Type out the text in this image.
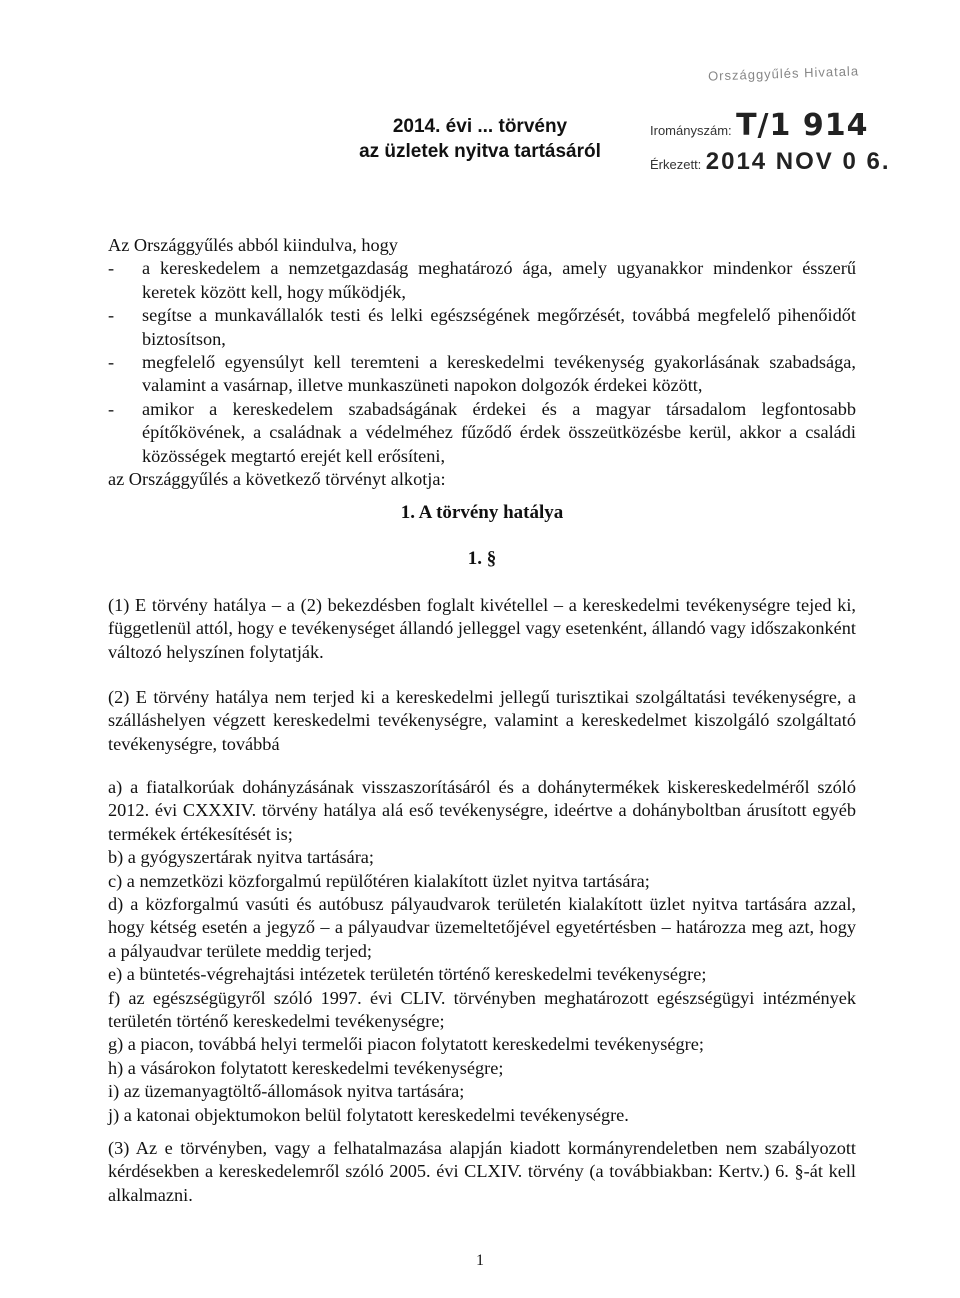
Országgyűlés Hivatala
Irományszám: T/1 914
Érkezett: 2014 NOV 0 6.
2014. évi ... törvény
az üzletek nyitva tartásáról
Az Országgyűlés abból kiindulva, hogy
- a kereskedelem a nemzetgazdaság meghatározó ága, amely ugyanakkor mindenkor ésszerű keretek között kell, hogy működjék,
- segítse a munkavállalók testi és lelki egészségének megőrzését, továbbá megfelelő pihenőidőt biztosítson,
- megfelelő egyensúlyt kell teremteni a kereskedelmi tevékenység gyakorlásának szabadsága, valamint a vasárnap, illetve munkaszüneti napokon dolgozók érdekei között,
- amikor a kereskedelem szabadságának érdekei és a magyar társadalom legfontosabb építőkövének, a családnak a védelméhez fűződő érdek összeütközésbe kerül, akkor a családi közösségek megtartó erejét kell erősíteni,
az Országgyűlés a következő törvényt alkotja:
1. A törvény hatálya
1. §
(1) E törvény hatálya – a (2) bekezdésben foglalt kivétellel – a kereskedelmi tevékenységre tejed ki, függetlenül attól, hogy e tevékenységet állandó jelleggel vagy esetenként, állandó vagy időszakonként változó helyszínen folytatják.
(2) E törvény hatálya nem terjed ki a kereskedelmi jellegű turisztikai szolgáltatási tevékenységre, a szálláshelyen végzett kereskedelmi tevékenységre, valamint a kereskedelmet kiszolgáló szolgáltató tevékenységre, továbbá

a) a fiatalkorúak dohányzásának visszaszorításáról és a dohánytermékek kiskereskedelméről szóló 2012. évi CXXXIV. törvény hatálya alá eső tevékenységre, ideértve a dohányboltban árusított egyéb termékek értékesítését is;

b) a gyógyszertárak nyitva tartására;

c) a nemzetközi közforgalmú repülőtéren kialakított üzlet nyitva tartására;

d) a közforgalmú vasúti és autóbusz pályaudvarok területén kialakított üzlet nyitva tartására azzal, hogy kétség esetén a jegyző – a pályaudvar üzemeltetőjével egyetértésben – határozza meg azt, hogy a pályaudvar területe meddig terjed;

e) a büntetés-végrehajtási intézetek területén történő kereskedelmi tevékenységre;

f) az egészségügyről szóló 1997. évi CLIV. törvényben meghatározott egészségügyi intézmények területén történő kereskedelmi tevékenységre;

g) a piacon, továbbá helyi termelői piacon folytatott kereskedelmi tevékenységre;

h) a vásárokon folytatott kereskedelmi tevékenységre;

i) az üzemanyagtöltő-állomások nyitva tartására;

j) a katonai objektumokon belül folytatott kereskedelmi tevékenységre.

(3) Az e törvényben, vagy a felhatalmazása alapján kiadott kormányrendeletben nem szabályozott kérdésekben a kereskedelemről szóló 2005. évi CLXIV. törvény (a továbbiakban: Kertv.) 6. §-át kell alkalmazni.
1
